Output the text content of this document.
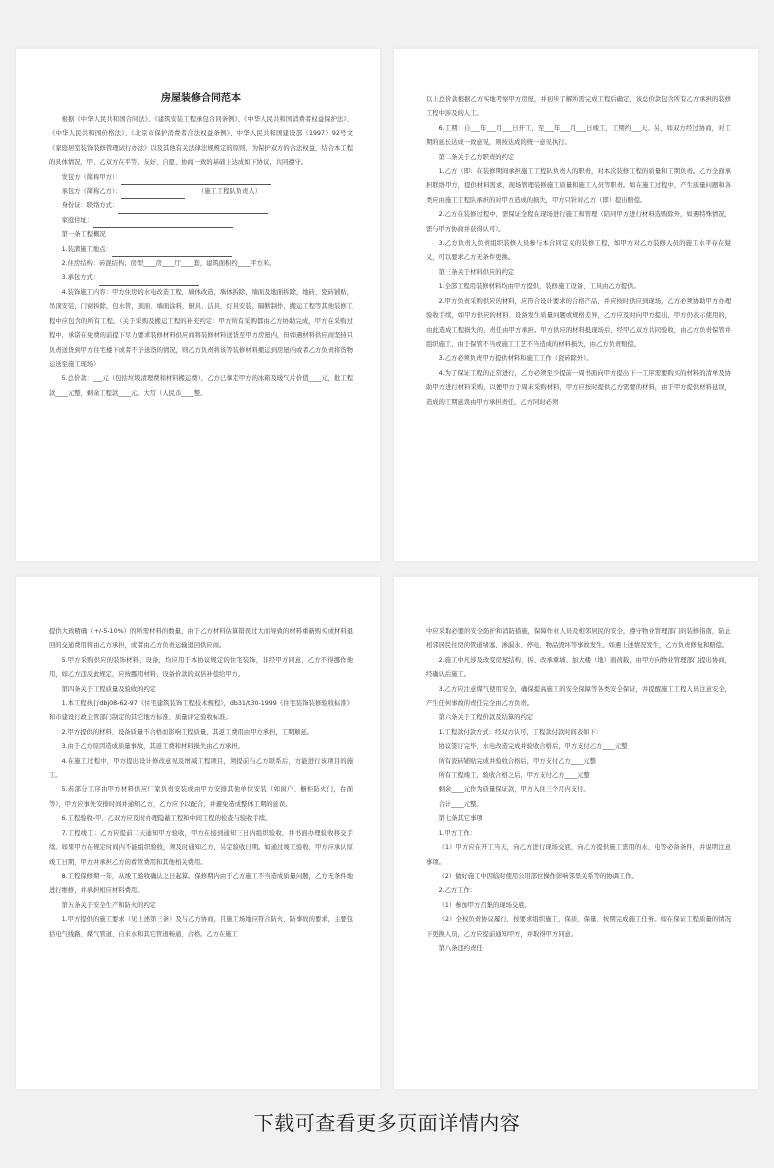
房屋装修合同范本

根据《中华人民共和国合同法》、《建筑安装工程承包合同条例》、《中华人民共和国消费者权益保护法》、《中华人民共和国价格法》、《北京市保护消费者合法权益条例》、中华人民共和国建设部（1997）92号文《家庭居室装饰装修管理试行办法》以及其他有关法律法规规定的原则，为保护双方的合法权益，结合本工程的具体情况，甲、乙双方在平等、友好、自愿、协商一致的基础上达成如下协议，共同遵守。

发包方（简称甲方）：

承包方（简称乙方）：	（施工工程队负责人）

身份证：联络方式：

家庭住址：

第一条工程概况

1.装潢施工地点：

2.住房结构：砖混结构；房型____房____厅____套，建筑面积约____平方米。

3.承包方式：

4.装饰施工内容：甲方住房的水电改造工程，墙体改造，墙体拆除，墙面及地面拆除，地砖、瓷砖铺贴，吊顶安装，门窗拆除，包水管，顶面、墙面涂料，厨具、洁具、灯具安装，隔断制作，搬运工程等其他装修工程中应包含的所有工程。（关于采购及搬运工程的补充约定：甲方所有采购都由乙方协助完成，甲方在采购过程中，承诺在免费的前提下尽力要求装修材料供应商将装修材料送货至甲方房屋内，但如遇材料供应商坚持只负责送货到甲方住宅楼下或者不予送货的情况，则乙方负责将该等装修材料搬运到房屋内或者乙方负责将货物运送至施工现场）

5.总价款：___元（包括垃圾清理费和材料搬运费），乙方已拿走甲方的冰箱及暖气片价值____元，批工程款____元整，剩余工程款____元。大写（人民币____整。

以上总价款根据乙方实地考察甲方房屋，并初步了解所需完成工程后确定，该总价款包含所有乙方承担的装修工程中涉及的人工。

6.工期：自___年___月___日开工，至___年___月___日竣工，工期约___天。另，如双方经过协商，对工期的延长达成一致意见，则按达成的统一意见执行。

第二条关于乙方职责的约定

1.乙方（即：在装修期间承担施工工程队负责人的职责，对本次装修工程的质量和工期负责。乙方全面承担联络甲方，提供材料需求，现场管理装修施工质量和施工人员等职责。如在施工过程中，产生质量问题和各类应由施工工程队承担的对甲方造成的损失，甲方只针对乙方（即）提出赔偿。

2.乙方在装修过程中，需保证全程在现场进行施工和管理（陪同甲方进行材料选购除外，如遇特殊情况，需与甲方协商并获得认可）。

3.乙方负责人负责组织装修人员参与本合同定义的装修工程，如甲方对乙方装修人员的施工水平存在疑义，可以要求乙方无条件更换。

第三条关于材料供应的约定

1.全部工程用装修材料均由甲方提供，装修施工设备、工具由乙方提供。

2.甲方负责采购供应的材料，应符合设计要求的合格产品，并应按时供应到现场，乙方必须协助甲方办理验收手续，如甲方供应的材料、设备发生质量问题或规格差异，乙方应及时向甲方提出，甲方仍表示使用的，由此造成工程损失的，责任由甲方承担。甲方供应的材料抵现场后，经甲乙双方共同验收，由乙方负责保管并组织施工，由于保管不当或施工工艺不当造成的材料损失，由乙方负责赔偿。

3.乙方必须负责甲方提供材料和施工工作（瓷砖除外）。

4.为了保证工程的正常进行，乙方必须至少提前一周书面向甲方提出下一工序需要购买的材料的清单及协助甲方进行材料采购，以便甲方于周末采购材料，甲方应按时提供乙方需要的材料，由于甲方提供材料延误，造成的工期延误由甲方承担责任，乙方同时必须

提供大致精确（+/-5-10%）的所需材料的数量，由于乙方材料估算错误过大而导致的材料重新购买或材料退回的交通费用将由乙方承担，或者由乙方负责运输退回供应商。

5.甲方采购供应的装饰材料、设备，均应用于本协议规定的住宅装饰，非经甲方同意，乙方不得挪作他用，如乙方违反此规定，应按挪用材料、设备价款的双倍补偿给甲方。

第四条关于工程质量及验收的约定

1.本工程执行dbj08-62-97《住宅建筑装饰工程技术规程》，db31/t30-1999《住宅装饰装修验收标准》和市建设行政主管部门制定的其它地方标准、质量评定验收标准。

2.甲方提供的材料、设备质量不合格而影响工程质量，其返工费用由甲方承担，工期顺延。

3.由于乙方原因造成质量事故，其返工费和材料损失由乙方承担。

4.在施工过程中，甲方提出设计修改意见及增减工程项目，须提前与乙方联系后，方能进行该项目的施工。

5.若部分工序由甲方材料供应厂家负责安装或由甲方安排其他单位安装（如窗户、橱柜防火门，台面等），甲方应事先安排时间并通知乙方，乙方应予以配合，并避免造成整体工期的延误。

6.工程验收-甲、乙双方应及时办理隐蔽工程和中间工程的检查与验收手续。

7.工程竣工：乙方应提前二天通知甲方验收，甲方在接到通知三日内组织验收，并书面办理验收移交手续。如果甲方在规定时间内不能组织验收，须及时通知乙方，另定验收日期。如通过竣工验收，甲方应承认原竣工日期，甲方并承担乙方的看管费用和其他相关费用。

8.工程保修期一年，从竣工验收确认之日起算。保修期内由于乙方施工不当造成质量问题，乙方无条件地进行维修，并承担相应材料费用。

第五条关于安全生产和防火的约定

1.甲方提供的施工要求（见上述第三条）及与乙方协商，且施工场地应符合防火、防事故的要求，主要包括电气线路、煤气管道、自来水和其它管道畅通、合格。乙方在施工

中应采取必要的安全防护和消防措施，保障作业人员及相邻居民的安全，遵守物业管理部门的装修指南，防止相邻居民住房的管道堵塞、渗漏水、停电、物品毁坏等事故发生。如遇上述情况发生，乙方负责修复和赔偿。

2.施工中凡涉及改变房屋结构、拆、改承重墙、加大楼（地）面荷载，由甲方向物业管理部门提出协商，经确认后施工。

3.乙方应注意煤气使用安全，确保提高施工的安全保障等各类安全保证，并提醒施工工程人员注意安全，产生任何事故的责任完全由乙方负责。

第六条关于工程价款及结算的约定

1.工程款付款方式：经双方认可，工程款付款时间表如下：

协议签订完毕，水电改造完成并验收合格后，甲方支付乙方____元整

所有瓷砖铺贴完成并验收合格后，甲方支付乙方____元整

所有工程竣工，验收合格之后，甲方支付乙方____元整

剩余____元作为质量保证款，甲方入住三个月内支付。

合计____元整。

第七条其它事项

1.甲方工作：

（1）甲方应在开工当天，向乙方进行现场交底，向乙方提供施工需用的水、电等必备条件，并说明注意事项。

（2）做好施工中因临时使用公用部位操作影响邻里关系等的协调工作。

2.乙方工作：

（1）参加甲方召集的现场交底。

（2）全权负责协议履行，按要求组织施工，保质、保量、按期完成施工任务。如在保证工程质量的情况下更换人员，乙方应提前通知甲方，并取得甲方同意。

第八条违约责任

下载可查看更多页面详情内容
